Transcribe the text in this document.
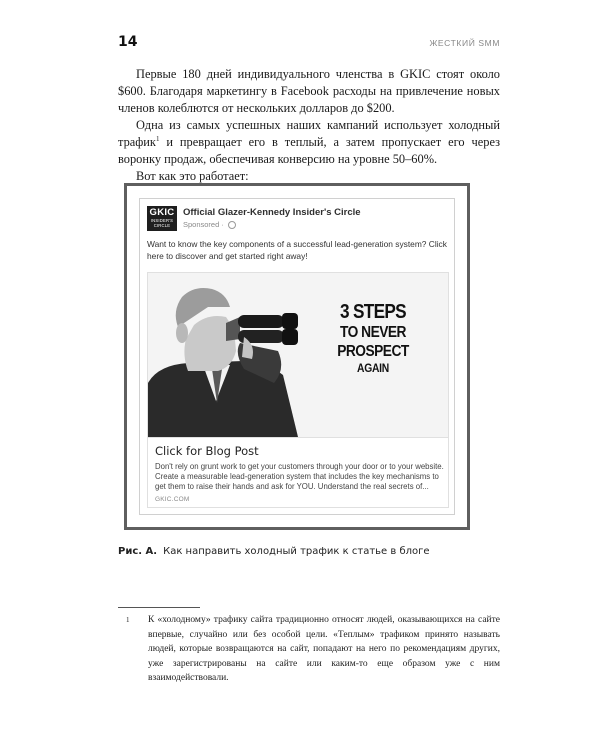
14	ЖЕСТКИЙ SMM

Первые 180 дней индивидуального членства в GKIC стоят около $600. Благодаря маркетингу в Facebook расходы на привлечение новых членов колеблются от нескольких долларов до $200.

Одна из самых успешных наших кампаний использует холодный трафик$^1$ и превращает его в теплый, а затем пропускает его через воронку продаж, обеспечивая конверсию на уровне 50–60%.

Вот как это работает:

GKIC
INSIDER'S
CIRCLE
Official Glazer-Kennedy Insider's Circle
Sponsored ·
Want to know the key components of a successful lead-generation system? Click here to discover and get started right away!
3 STEPS
TO NEVER PROSPECT
AGAIN
Click for Blog Post
Don't rely on grunt work to get your customers through your door or to your website. Create a measurable lead-generation system that includes the key mechanisms to get them to raise their hands and ask for YOU. Understand the real secrets of...
GKIC.COM
Рис. А. Как направить холодный трафик к статье в блоге
1 К «холодному» трафику сайта традиционно относят людей, оказывающихся на сайте впервые, случайно или без особой цели. «Теплым» трафиком принято называть людей, которые возвращаются на сайт, попадают на него по рекомендациям других, уже зарегистрированы на сайте или каким-то еще образом уже с ним взаимодействовали.
